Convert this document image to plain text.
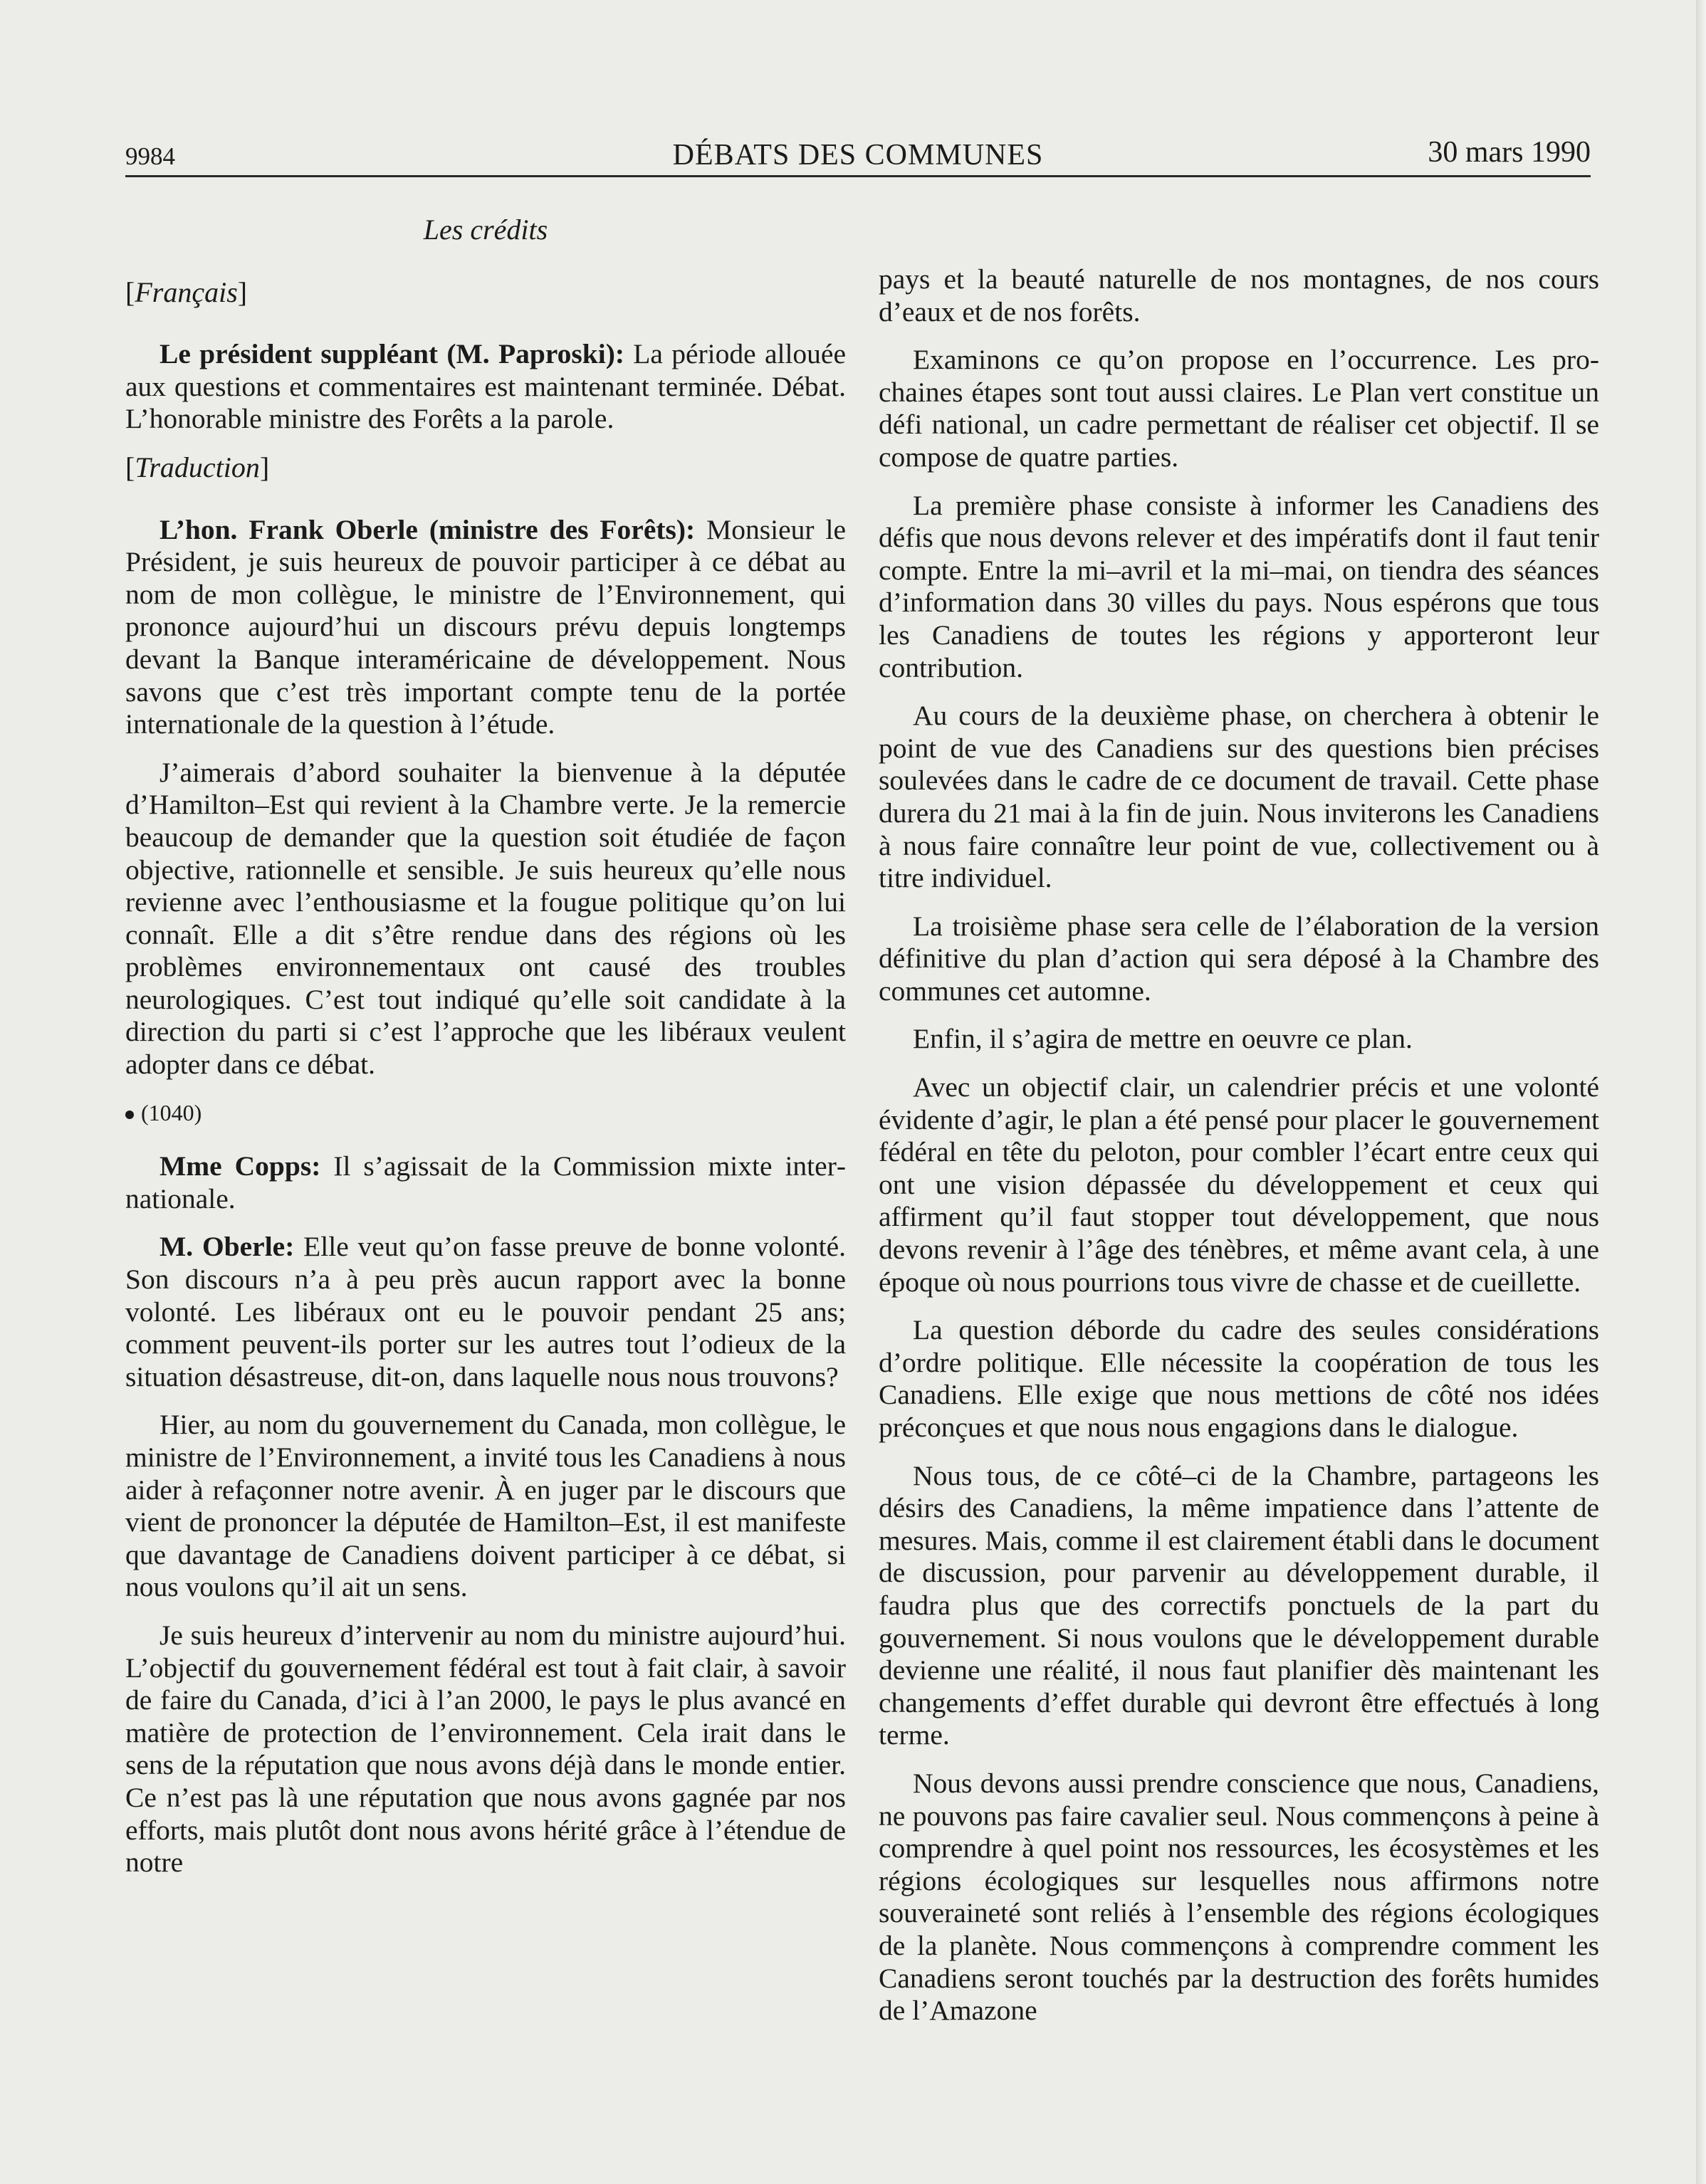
9984	DÉBATS DES COMMUNES	30 mars 1990
Les crédits
[Français]

Le président suppléant (M. Paproski): La période allouée aux questions et commentaires est maintenant terminée. Débat. L’honorable ministre des Forêts a la parole.

[Traduction]

L’hon. Frank Oberle (ministre des Forêts): Monsieur le Président, je suis heureux de pouvoir participer à ce débat au nom de mon collègue, le ministre de l’Environnement, qui prononce aujourd’hui un discours prévu depuis longtemps devant la Banque interaméricaine de développement. Nous savons que c’est très important compte tenu de la portée internationale de la question à l’étude.

J’aimerais d’abord souhaiter la bienvenue à la députée d’Hamilton–Est qui revient à la Chambre verte. Je la remercie beaucoup de demander que la question soit étudiée de façon objective, rationnelle et sensible. Je suis heureux qu’elle nous revienne avec l’enthousiasme et la fougue politique qu’on lui connaît. Elle a dit s’être rendue dans des régions où les problèmes environnementaux ont causé des troubles neurologiques. C’est tout indiqué qu’elle soit candidate à la direction du parti si c’est l’approche que les libéraux veulent adopter dans ce débat.

(1040)

Mme Copps: Il s’agissait de la Commission mixte internationale.

M. Oberle: Elle veut qu’on fasse preuve de bonne volonté. Son discours n’a à peu près aucun rapport avec la bonne volonté. Les libéraux ont eu le pouvoir pendant 25 ans; comment peuvent-ils porter sur les autres tout l’odieux de la situation désastreuse, dit-on, dans laquelle nous nous trouvons?

Hier, au nom du gouvernement du Canada, mon collègue, le ministre de l’Environnement, a invité tous les Canadiens à nous aider à refaçonner notre avenir. À en juger par le discours que vient de prononcer la députée de Hamilton–Est, il est manifeste que davantage de Canadiens doivent participer à ce débat, si nous voulons qu’il ait un sens.

Je suis heureux d’intervenir au nom du ministre aujourd’hui. L’objectif du gouvernement fédéral est tout à fait clair, à savoir de faire du Canada, d’ici à l’an 2000, le pays le plus avancé en matière de protection de l’environnement. Cela irait dans le sens de la réputation que nous avons déjà dans le monde entier. Ce n’est pas là une réputation que nous avons gagnée par nos efforts, mais plutôt dont nous avons hérité grâce à l’étendue de notre

pays et la beauté naturelle de nos montagnes, de nos cours d’eaux et de nos forêts.

Examinons ce qu’on propose en l’occurrence. Les prochaines étapes sont tout aussi claires. Le Plan vert constitue un défi national, un cadre permettant de réaliser cet objectif. Il se compose de quatre parties.

La première phase consiste à informer les Canadiens des défis que nous devons relever et des impératifs dont il faut tenir compte. Entre la mi–avril et la mi–mai, on tiendra des séances d’information dans 30 villes du pays. Nous espérons que tous les Canadiens de toutes les régions y apporteront leur contribution.

Au cours de la deuxième phase, on cherchera à obtenir le point de vue des Canadiens sur des questions bien précises soulevées dans le cadre de ce document de travail. Cette phase durera du 21 mai à la fin de juin. Nous inviterons les Canadiens à nous faire connaître leur point de vue, collectivement ou à titre individuel.

La troisième phase sera celle de l’élaboration de la version définitive du plan d’action qui sera déposé à la Chambre des communes cet automne.

Enfin, il s’agira de mettre en oeuvre ce plan.

Avec un objectif clair, un calendrier précis et une volonté évidente d’agir, le plan a été pensé pour placer le gouvernement fédéral en tête du peloton, pour combler l’écart entre ceux qui ont une vision dépassée du développement et ceux qui affirment qu’il faut stopper tout développement, que nous devons revenir à l’âge des ténèbres, et même avant cela, à une époque où nous pourrions tous vivre de chasse et de cueillette.

La question déborde du cadre des seules considérations d’ordre politique. Elle nécessite la coopération de tous les Canadiens. Elle exige que nous mettions de côté nos idées préconçues et que nous nous engagions dans le dialogue.

Nous tous, de ce côté–ci de la Chambre, partageons les désirs des Canadiens, la même impatience dans l’attente de mesures. Mais, comme il est clairement établi dans le document de discussion, pour parvenir au développement durable, il faudra plus que des correctifs ponctuels de la part du gouvernement. Si nous voulons que le développement durable devienne une réalité, il nous faut planifier dès maintenant les changements d’effet durable qui devront être effectués à long terme.

Nous devons aussi prendre conscience que nous, Canadiens, ne pouvons pas faire cavalier seul. Nous commençons à peine à comprendre à quel point nos ressources, les écosystèmes et les régions écologiques sur lesquelles nous affirmons notre souveraineté sont reliés à l’ensemble des régions écologiques de la planète. Nous commençons à comprendre comment les Canadiens seront touchés par la destruction des forêts humides de l’Amazone
